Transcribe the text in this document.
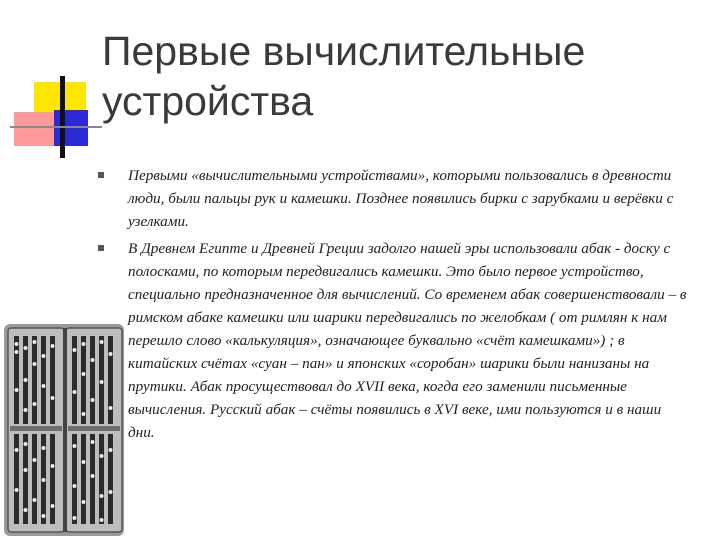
Первые вычислительные устройства
Первыми «вычислительными устройствами», которыми пользовались в древности люди, были пальцы рук и камешки. Позднее появились бирки с зарубками и верёвки с узелками.
В Древнем Египте и Древней Греции задолго нашей эры использовали абак - доску с полосками, по которым передвигались камешки. Это было первое устройство, специально предназначенное для вычислений. Со временем абак совершенствовали – в римском абаке камешки или шарики передвигались по желобкам ( от римлян к нам перешло слово «калькуляция», означающее буквально «счёт камешками») ; в китайских счётах «суан – пан» и японских «соробан» шарики были нанизаны на прутики. Абак просуществовал до XVII века, когда его заменили письменные вычисления. Русский абак – счёты появились в XVI веке, ими пользуются и в наши дни.
